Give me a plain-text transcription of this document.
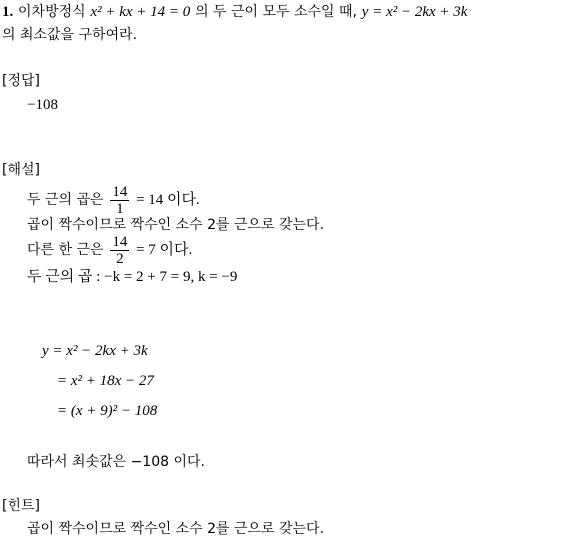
1. 이차방정식 x² + kx + 14 = 0 의 두 근이 모두 소수일 때, y = x² − 2kx + 3k
의 최소값을 구하여라.
[정답]
−108
[해설]
두 근의 곱은 $\frac{14}{1} = 14$ 이다.
곱이 짝수이므로 짝수인 소수 2를 근으로 갖는다.
다른 한 근은 $\frac{14}{2} = 7$ 이다.
두 근의 곱 : −k = 2 + 7 = 9, k = −9
y = x² − 2kx + 3k
= x² + 18x − 27
= (x + 9)² − 108
따라서 최솟값은 −108 이다.
[힌트]
곱이 짝수이므로 짝수인 소수 2를 근으로 갖는다.
